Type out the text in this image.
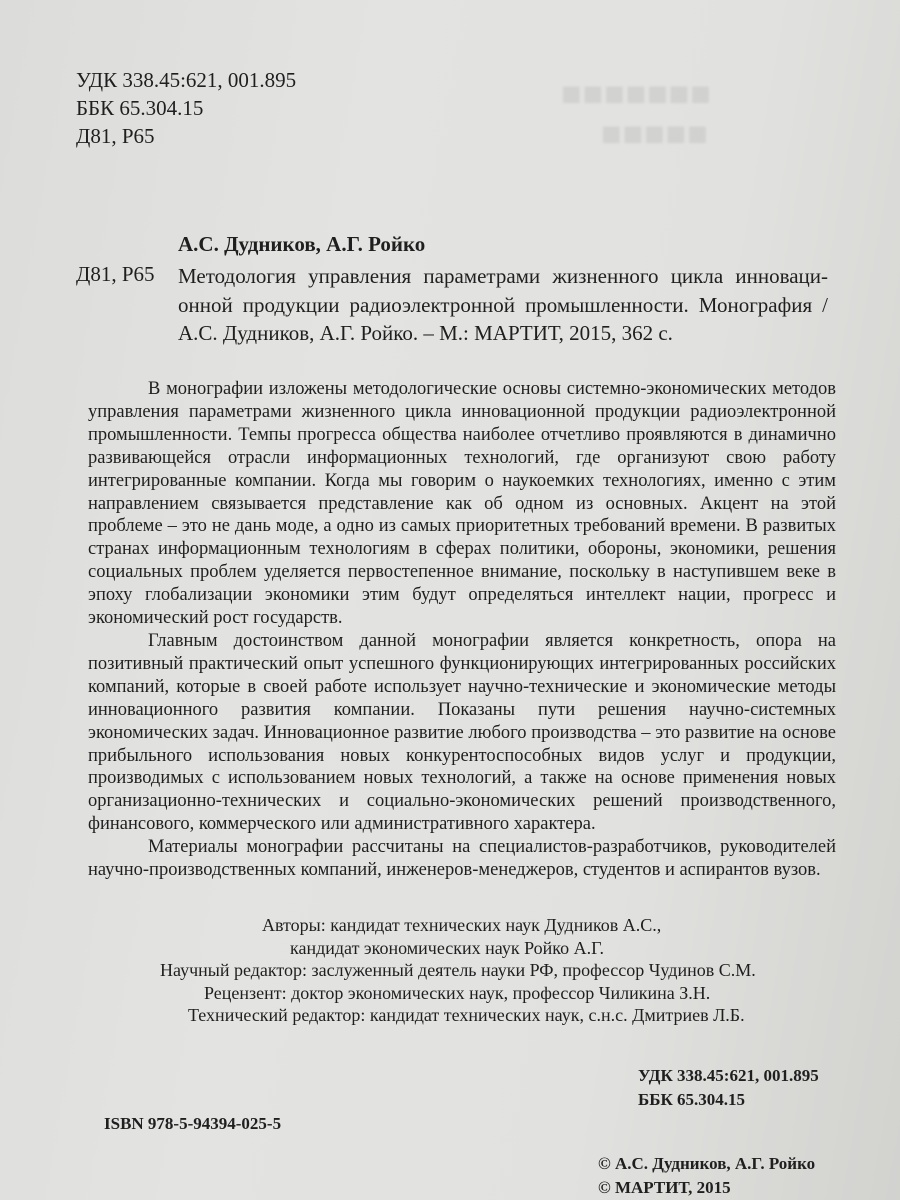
■■■■■■■
■■■■■
УДК 338.45:621, 001.895
ББК 65.304.15
Д81, Р65
А.С. Дудников, А.Г. Ройко
Д81, Р65 Методология управления параметрами жизненного цикла инноваци-
онной продукции радиоэлектронной промышленности. Монография /
А.С. Дудников, А.Г. Ройко. – М.: МАРТИТ, 2015, 362 с.

В монографии изложены методологические основы системно-экономических методов управления параметрами жизненного цикла инновационной продукции радиоэлектронной промышленности. Темпы прогресса общества наиболее отчетливо проявляются в динамично развивающейся отрасли информационных технологий, где организуют свою работу интегрированные компании. Когда мы говорим о наукоемких технологиях, именно с этим направлением связывается представление как об одном из основных. Акцент на этой проблеме – это не дань моде, а одно из самых приоритетных требований времени. В развитых странах информационным технологиям в сферах политики, обороны, экономики, решения социальных проблем уделяется первостепенное внимание, поскольку в наступившем веке в эпоху глобализации экономики этим будут определяться интеллект нации, прогресс и экономический рост государств.

Главным достоинством данной монографии является конкретность, опора на позитивный практический опыт успешного функционирующих интегрированных российских компаний, которые в своей работе использует научно-технические и экономические методы инновационного развития компании. Показаны пути решения научно-системных экономических задач. Инновационное развитие любого производства – это развитие на основе прибыльного использования новых конкурентоспособных видов услуг и продукции, производимых с использованием новых технологий, а также на основе применения новых организационно-технических и социально-экономических решений производственного, финансового, коммерческого или административного характера.

Материалы монографии рассчитаны на специалистов-разработчиков, руководителей научно-производственных компаний, инженеров-менеджеров, студентов и аспирантов вузов.

Авторы: кандидат технических наук Дудников А.С.,
кандидат экономических наук Ройко А.Г.
Научный редактор: заслуженный деятель науки РФ, профессор Чудинов С.М.
Рецензент: доктор экономических наук, профессор Чиликина З.Н.
Технический редактор: кандидат технических наук, с.н.с. Дмитриев Л.Б.
УДК 338.45:621, 001.895
ББК 65.304.15
ISBN 978-5-94394-025-5
© А.С. Дудников, А.Г. Ройко
© МАРТИТ, 2015
